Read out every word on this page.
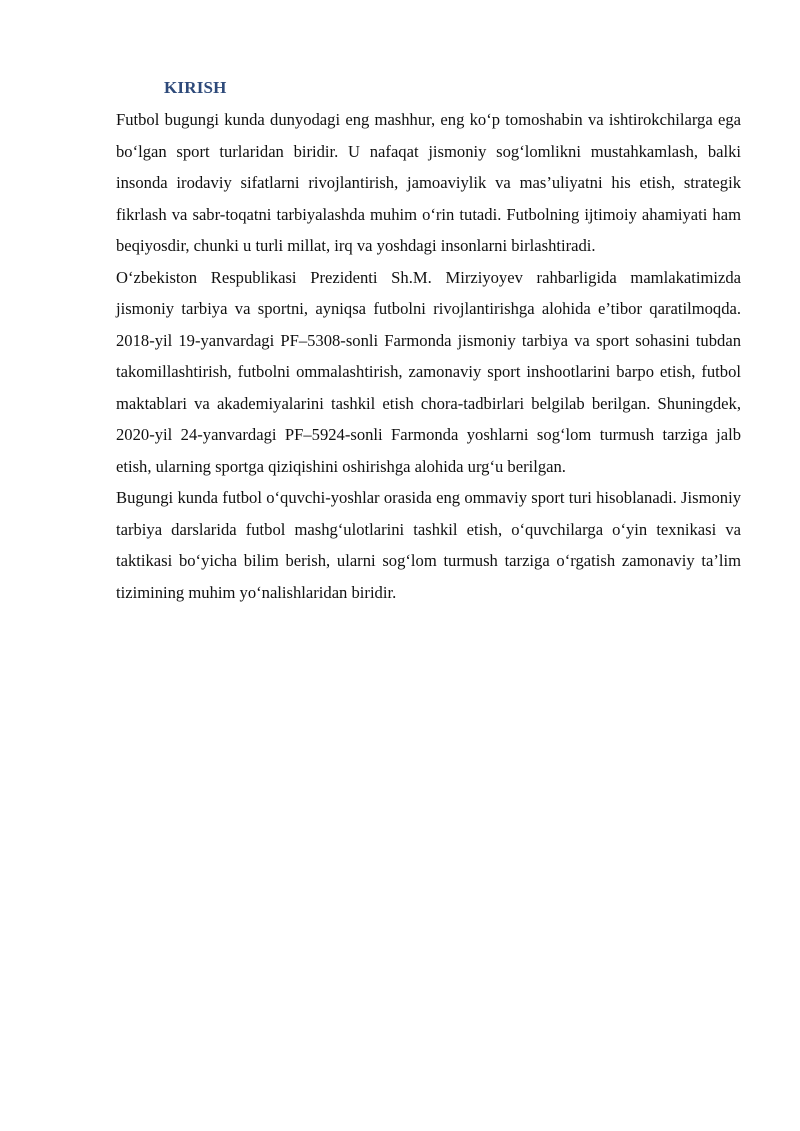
KIRISH

Futbol bugungi kunda dunyodagi eng mashhur, eng koʻp tomoshabin va ishtirokchilarga ega boʻlgan sport turlaridan biridir. U nafaqat jismoniy sogʻlomlikni mustahkamlash, balki insonda irodaviy sifatlarni rivojlantirish, jamoaviylik va mas’uliyatni his etish, strategik fikrlash va sabr-toqatni tarbiyalashda muhim oʻrin tutadi. Futbolning ijtimoiy ahamiyati ham beqiyosdir, chunki u turli millat, irq va yoshdagi insonlarni birlashtiradi.

Oʻzbekiston Respublikasi Prezidenti Sh.M. Mirziyoyev rahbarligida mamlakatimizda jismoniy tarbiya va sportni, ayniqsa futbolni rivojlantirishga alohida e’tibor qaratilmoqda. 2018-yil 19-yanvardagi PF–5308-sonli Farmonda jismoniy tarbiya va sport sohasini tubdan takomillashtirish, futbolni ommalashtirish, zamonaviy sport inshootlarini barpo etish, futbol maktablari va akademiyalarini tashkil etish chora-tadbirlari belgilab berilgan. Shuningdek, 2020-yil 24-yanvardagi PF–5924-sonli Farmonda yoshlarni sogʻlom turmush tarziga jalb etish, ularning sportga qiziqishini oshirishga alohida urgʻu berilgan.

Bugungi kunda futbol oʻquvchi-yoshlar orasida eng ommaviy sport turi hisoblanadi. Jismoniy tarbiya darslarida futbol mashgʻulotlarini tashkil etish, oʻquvchilarga oʻyin texnikasi va taktikasi boʻyicha bilim berish, ularni sogʻlom turmush tarziga oʻrgatish zamonaviy ta’lim tizimining muhim yoʻnalishlaridan biridir.
